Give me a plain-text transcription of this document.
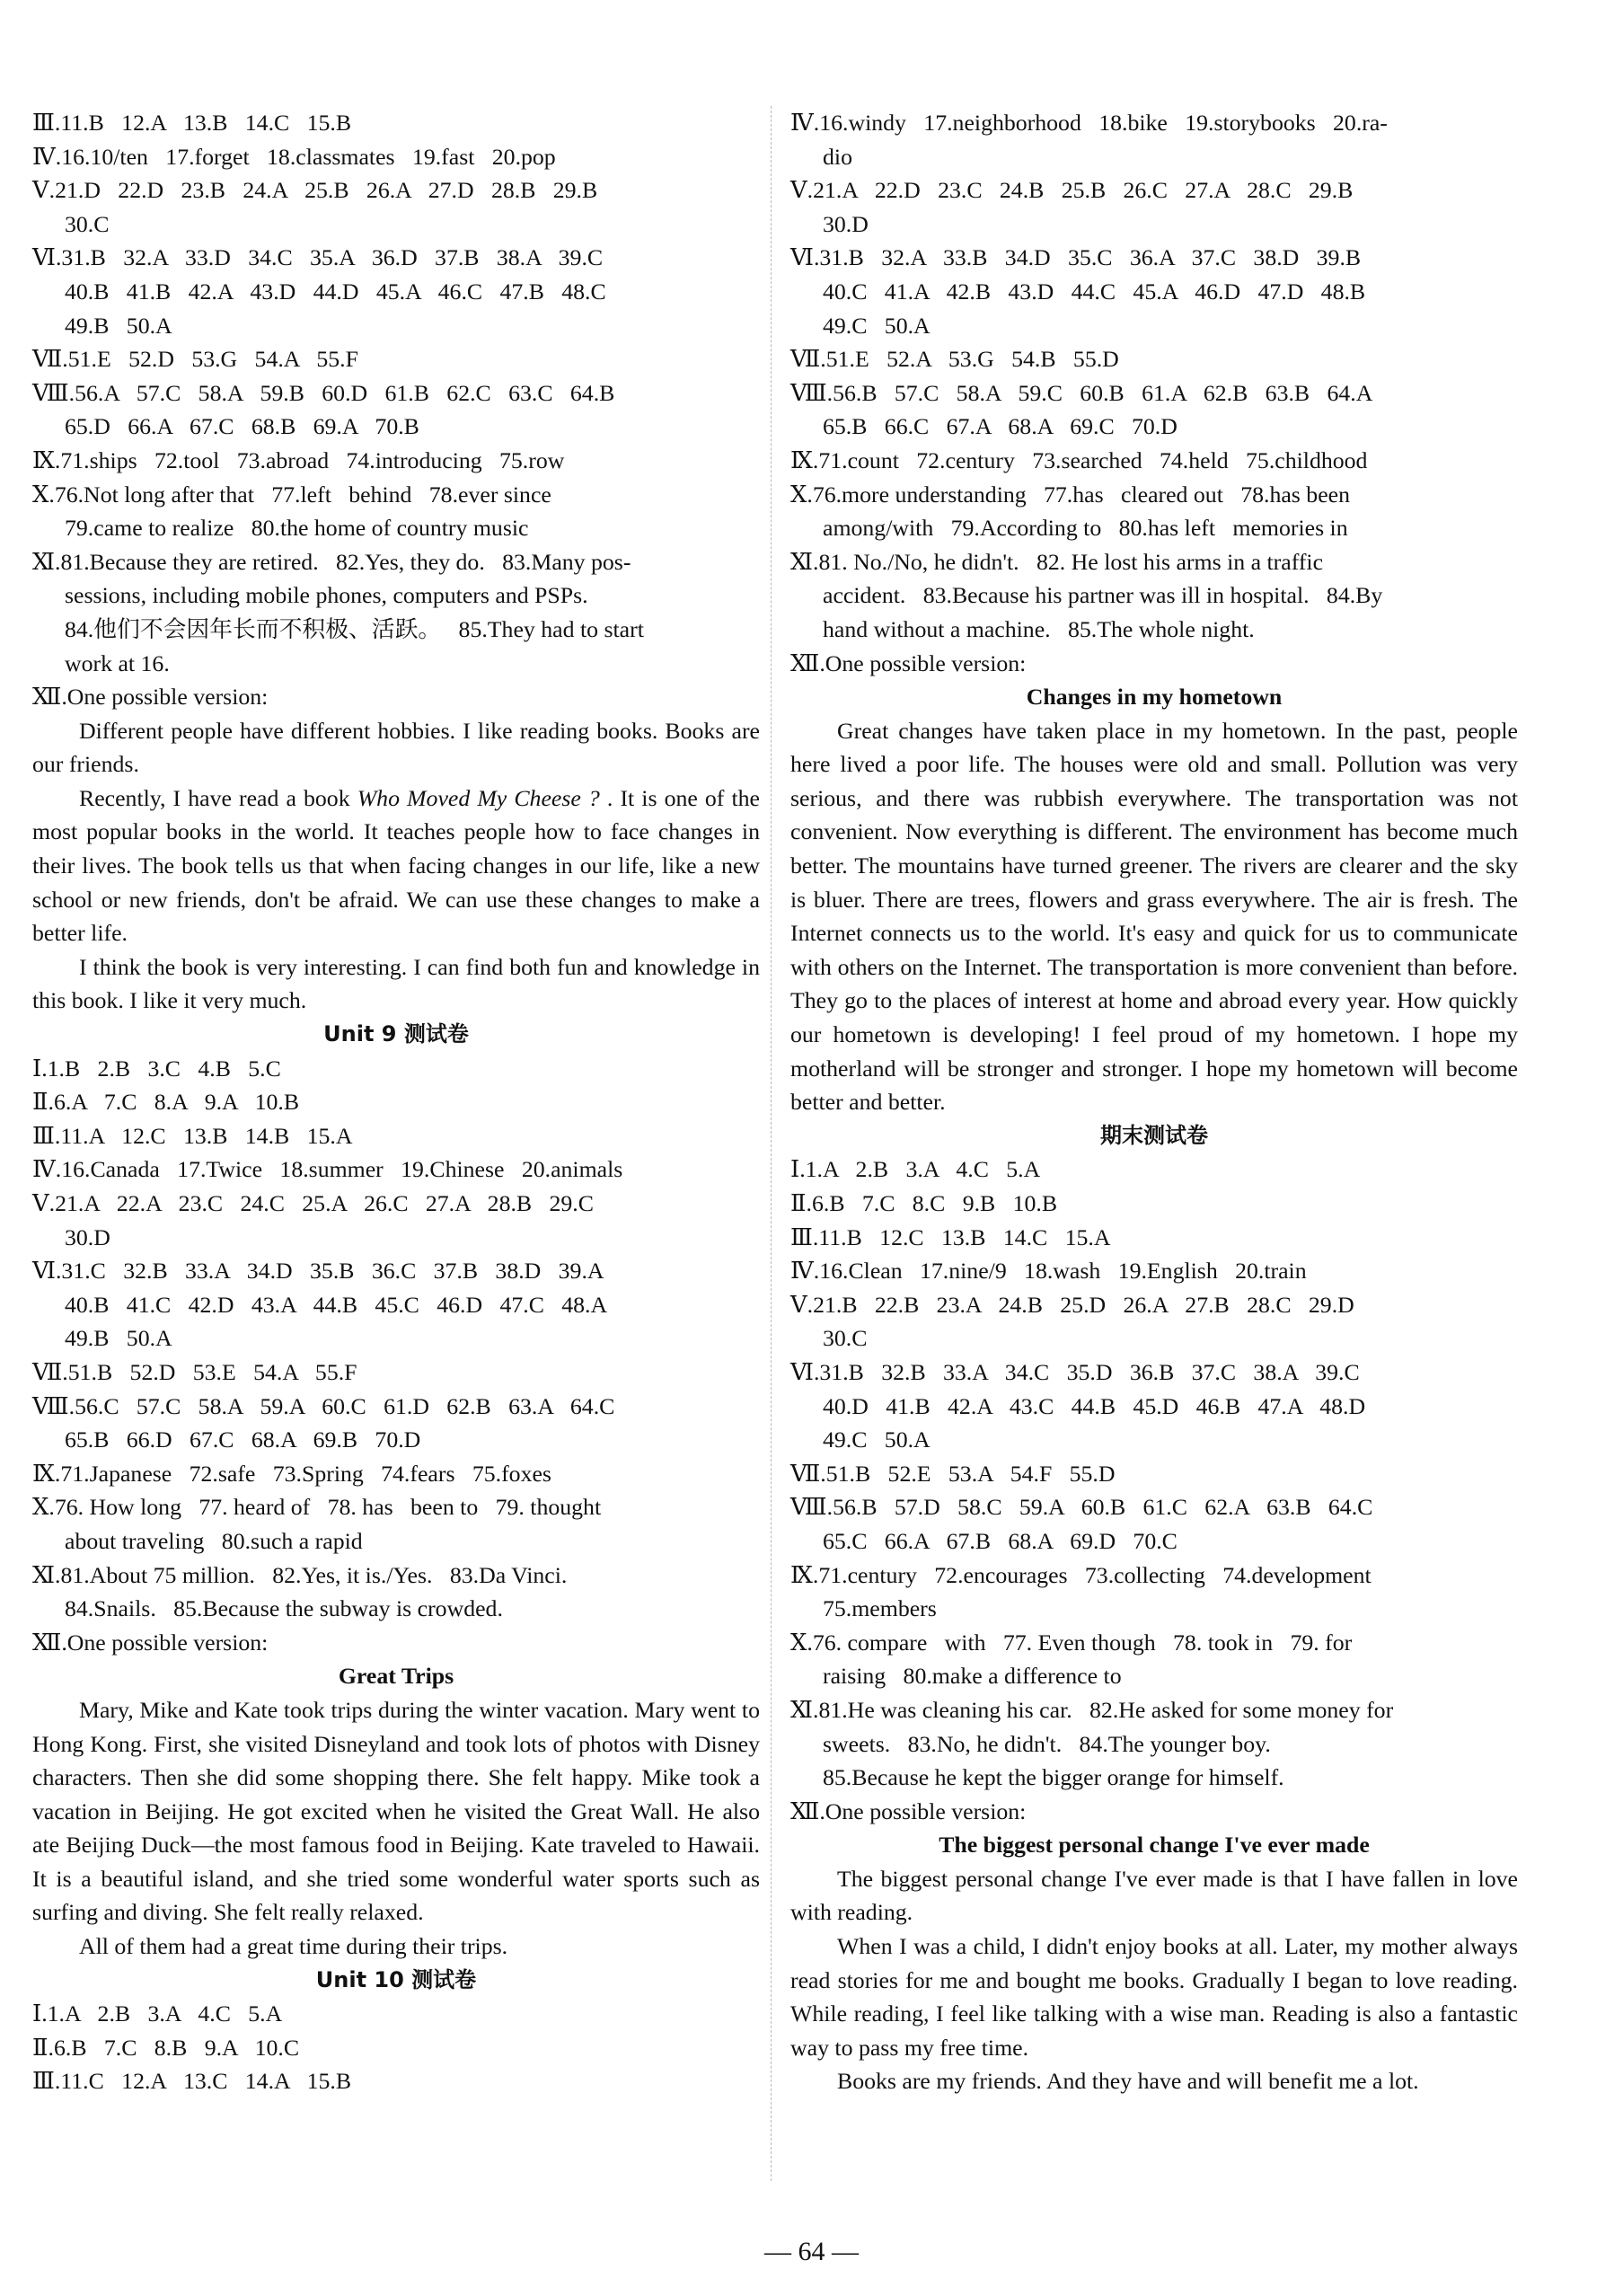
Ⅲ.11.B   12.A   13.B   14.C   15.B
Ⅳ.16.10/ten   17.forget   18.classmates   19.fast   20.pop
Ⅴ.21.D   22.D   23.B   24.A   25.B   26.A   27.D   28.B   29.B
30.C
Ⅵ.31.B   32.A   33.D   34.C   35.A   36.D   37.B   38.A   39.C
40.B   41.B   42.A   43.D   44.D   45.A   46.C   47.B   48.C
49.B   50.A
Ⅶ.51.E   52.D   53.G   54.A   55.F
Ⅷ.56.A   57.C   58.A   59.B   60.D   61.B   62.C   63.C   64.B
65.D   66.A   67.C   68.B   69.A   70.B
Ⅸ.71.ships   72.tool   73.abroad   74.introducing   75.row
Ⅹ.76.Not long after that   77.left   behind   78.ever since
79.came to realize   80.the home of country music
Ⅺ.81.Because they are retired.   82.Yes, they do.   83.Many pos-
sessions, including mobile phones, computers and PSPs.
84.他们不会因年长而不积极、活跃。   85.They had to start
work at 16.
Ⅻ.One possible version:
Different people have different hobbies. I like reading books. Books are our friends.
Recently, I have read a book Who Moved My Cheese ? . It is one of the most popular books in the world. It teaches people how to face changes in their lives. The book tells us that when facing changes in our life, like a new school or new friends, don't be afraid. We can use these changes to make a better life.
I think the book is very interesting. I can find both fun and knowledge in this book. I like it very much.
Unit 9 测试卷
Ⅰ.1.B   2.B   3.C   4.B   5.C
Ⅱ.6.A   7.C   8.A   9.A   10.B
Ⅲ.11.A   12.C   13.B   14.B   15.A
Ⅳ.16.Canada   17.Twice   18.summer   19.Chinese   20.animals
Ⅴ.21.A   22.A   23.C   24.C   25.A   26.C   27.A   28.B   29.C
30.D
Ⅵ.31.C   32.B   33.A   34.D   35.B   36.C   37.B   38.D   39.A
40.B   41.C   42.D   43.A   44.B   45.C   46.D   47.C   48.A
49.B   50.A
Ⅶ.51.B   52.D   53.E   54.A   55.F
Ⅷ.56.C   57.C   58.A   59.A   60.C   61.D   62.B   63.A   64.C
65.B   66.D   67.C   68.A   69.B   70.D
Ⅸ.71.Japanese   72.safe   73.Spring   74.fears   75.foxes
Ⅹ.76. How long   77. heard of   78. has   been to   79. thought
about traveling   80.such a rapid
Ⅺ.81.About 75 million.   82.Yes, it is./Yes.   83.Da Vinci.
84.Snails.   85.Because the subway is crowded.
Ⅻ.One possible version:
Great Trips
Mary, Mike and Kate took trips during the winter vacation. Mary went to Hong Kong. First, she visited Disneyland and took lots of photos with Disney characters. Then she did some shopping there. She felt happy. Mike took a vacation in Beijing. He got excited when he visited the Great Wall. He also ate Beijing Duck—the most famous food in Beijing. Kate traveled to Hawaii. It is a beautiful island, and she tried some wonderful water sports such as surfing and diving. She felt really relaxed.
All of them had a great time during their trips.
Unit 10 测试卷
Ⅰ.1.A   2.B   3.A   4.C   5.A
Ⅱ.6.B   7.C   8.B   9.A   10.C
Ⅲ.11.C   12.A   13.C   14.A   15.B
Ⅳ.16.windy   17.neighborhood   18.bike   19.storybooks   20.ra-
dio
Ⅴ.21.A   22.D   23.C   24.B   25.B   26.C   27.A   28.C   29.B
30.D
Ⅵ.31.B   32.A   33.B   34.D   35.C   36.A   37.C   38.D   39.B
40.C   41.A   42.B   43.D   44.C   45.A   46.D   47.D   48.B
49.C   50.A
Ⅶ.51.E   52.A   53.G   54.B   55.D
Ⅷ.56.B   57.C   58.A   59.C   60.B   61.A   62.B   63.B   64.A
65.B   66.C   67.A   68.A   69.C   70.D
Ⅸ.71.count   72.century   73.searched   74.held   75.childhood
Ⅹ.76.more understanding   77.has   cleared out   78.has been
among/with   79.According to   80.has left   memories in
Ⅺ.81. No./No, he didn't.   82. He lost his arms in a traffic
accident.   83.Because his partner was ill in hospital.   84.By
hand without a machine.   85.The whole night.
Ⅻ.One possible version:
Changes in my hometown
Great changes have taken place in my hometown. In the past, people here lived a poor life. The houses were old and small. Pollution was very serious, and there was rubbish everywhere. The transportation was not convenient. Now everything is different. The environment has become much better. The mountains have turned greener. The rivers are clearer and the sky is bluer. There are trees, flowers and grass everywhere. The air is fresh. The Internet connects us to the world. It's easy and quick for us to communicate with others on the Internet. The transportation is more convenient than before. They go to the places of interest at home and abroad every year. How quickly our hometown is developing! I feel proud of my hometown. I hope my motherland will be stronger and stronger. I hope my hometown will become better and better.
期末测试卷
Ⅰ.1.A   2.B   3.A   4.C   5.A
Ⅱ.6.B   7.C   8.C   9.B   10.B
Ⅲ.11.B   12.C   13.B   14.C   15.A
Ⅳ.16.Clean   17.nine/9   18.wash   19.English   20.train
Ⅴ.21.B   22.B   23.A   24.B   25.D   26.A   27.B   28.C   29.D
30.C
Ⅵ.31.B   32.B   33.A   34.C   35.D   36.B   37.C   38.A   39.C
40.D   41.B   42.A   43.C   44.B   45.D   46.B   47.A   48.D
49.C   50.A
Ⅶ.51.B   52.E   53.A   54.F   55.D
Ⅷ.56.B   57.D   58.C   59.A   60.B   61.C   62.A   63.B   64.C
65.C   66.A   67.B   68.A   69.D   70.C
Ⅸ.71.century   72.encourages   73.collecting   74.development
75.members
Ⅹ.76. compare   with   77. Even though   78. took in   79. for
raising   80.make a difference to
Ⅺ.81.He was cleaning his car.   82.He asked for some money for
sweets.   83.No, he didn't.   84.The younger boy.
85.Because he kept the bigger orange for himself.
Ⅻ.One possible version:
The biggest personal change I've ever made
The biggest personal change I've ever made is that I have fallen in love with reading.
When I was a child, I didn't enjoy books at all. Later, my mother always read stories for me and bought me books. Gradually I began to love reading. While reading, I feel like talking with a wise man. Reading is also a fantastic way to pass my free time.
Books are my friends. And they have and will benefit me a lot.
— 64 —
